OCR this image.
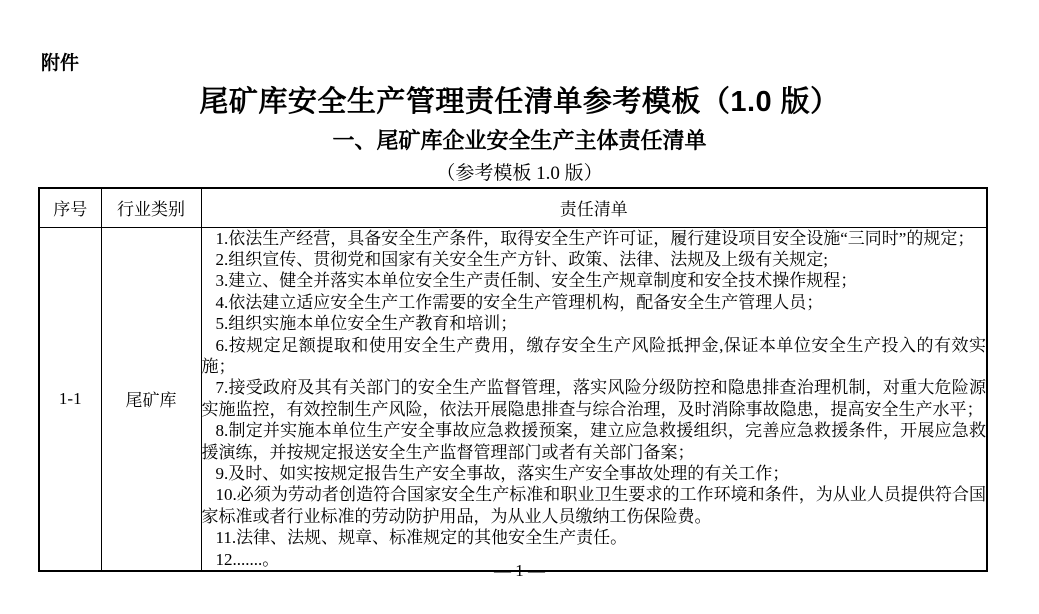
附件
尾矿库安全生产管理责任清单参考模板（1.0 版）
一、尾矿库企业安全生产主体责任清单
（参考模板 1.0 版）
序号	行业类别	责任清单
1-1	尾矿库	

1.依法生产经营，具备安全生产条件，取得安全生产许可证，履行建设项目安全设施“三同时”的规定；

2.组织宣传、贯彻党和国家有关安全生产方针、政策、法律、法规及上级有关规定;

3.建立、健全并落实本单位安全生产责任制、安全生产规章制度和安全技术操作规程；

4.依法建立适应安全生产工作需要的安全生产管理机构，配备安全生产管理人员；

5.组织实施本单位安全生产教育和培训；

6.按规定足额提取和使用安全生产费用，缴存安全生产风险抵押金,保证本单位安全生产投入的有效实施；

7.接受政府及其有关部门的安全生产监督管理，落实风险分级防控和隐患排查治理机制，对重大危险源实施监控，有效控制生产风险，依法开展隐患排查与综合治理，及时消除事故隐患，提高安全生产水平；

8.制定并实施本单位生产安全事故应急救援预案，建立应急救援组织，完善应急救援条件，开展应急救援演练，并按规定报送安全生产监督管理部门或者有关部门备案；

9.及时、如实按规定报告生产安全事故，落实生产安全事故处理的有关工作；

10.必须为劳动者创造符合国家安全生产标准和职业卫生要求的工作环境和条件，为从业人员提供符合国家标准或者行业标准的劳动防护用品，为从业人员缴纳工伤保险费。

11.法律、法规、规章、标准规定的其他安全生产责任。

12.......。

— 1 —
